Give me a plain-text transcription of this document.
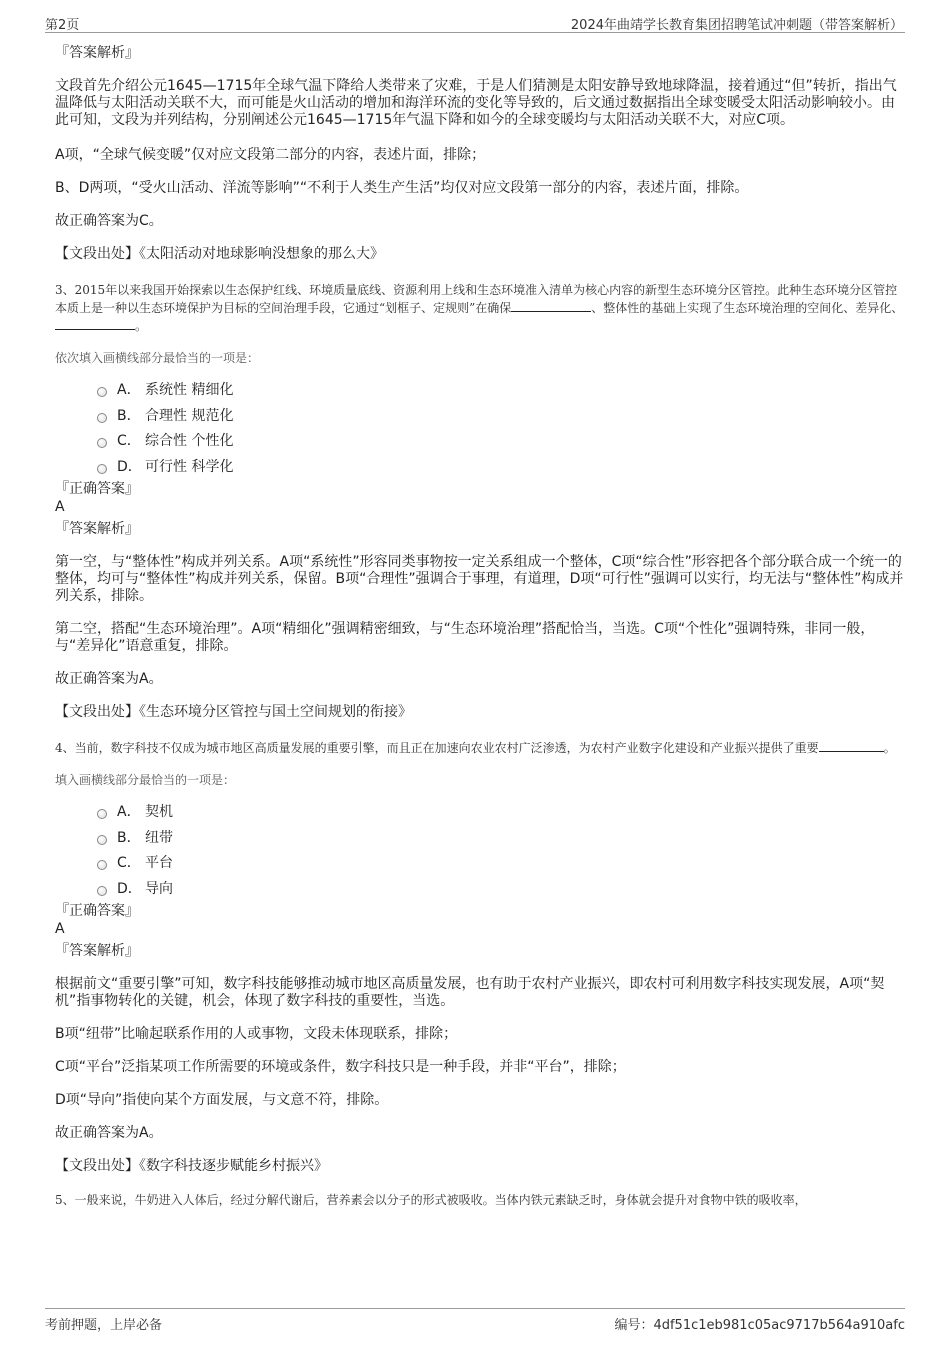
第2页	2024年曲靖学长教育集团招聘笔试冲刺题（带答案解析）
『答案解析』

文段首先介绍公元1645—1715年全球气温下降给人类带来了灾难，于是人们猜测是太阳安静导致地球降温，接着通过“但”转折，指出气温降低与太阳活动关联不大，而可能是火山活动的增加和海洋环流的变化等导致的，后文通过数据指出全球变暖受太阳活动影响较小。由此可知，文段为并列结构，分别阐述公元1645—1715年气温下降和如今的全球变暖均与太阳活动关联不大，对应C项。

A项，“全球气候变暖”仅对应文段第二部分的内容，表述片面，排除；

B、D两项，“受火山活动、洋流等影响”“不利于人类生产生活”均仅对应文段第一部分的内容，表述片面，排除。

故正确答案为C。

【文段出处】《太阳活动对地球影响没想象的那么大》

3、2015年以来我国开始探索以生态保护红线、环境质量底线、资源利用上线和生态环境准入清单为核心内容的新型生态环境分区管控。此种生态环境分区管控本质上是一种以生态环境保护为目标的空间治理手段，它通过“划框子、定规则”在确保	、整体性的基础上实现了生态环境治理的空间化、差异化、。

依次填入画横线部分最恰当的一项是：

A． 系统性 精细化
B． 合理性 规范化
C． 综合性 个性化
D． 可行性 科学化
『正确答案』
A
『答案解析』

第一空，与“整体性”构成并列关系。A项“系统性”形容同类事物按一定关系组成一个整体，C项“综合性”形容把各个部分联合成一个统一的整体，均可与“整体性”构成并列关系，保留。B项“合理性”强调合于事理，有道理，D项“可行性”强调可以实行，均无法与“整体性”构成并列关系，排除。

第二空，搭配“生态环境治理”。A项“精细化”强调精密细致，与“生态环境治理”搭配恰当，当选。C项“个性化”强调特殊，非同一般，与“差异化”语意重复，排除。

故正确答案为A。

【文段出处】《生态环境分区管控与国土空间规划的衔接》

4、当前，数字科技不仅成为城市地区高质量发展的重要引擎，而且正在加速向农业农村广泛渗透，为农村产业数字化建设和产业振兴提供了重要	。

填入画横线部分最恰当的一项是：

A． 契机
B． 纽带
C． 平台
D． 导向
『正确答案』
A
『答案解析』

根据前文“重要引擎”可知，数字科技能够推动城市地区高质量发展，也有助于农村产业振兴，即农村可利用数字科技实现发展，A项“契机”指事物转化的关键，机会，体现了数字科技的重要性，当选。

B项“纽带”比喻起联系作用的人或事物，文段未体现联系，排除；

C项“平台”泛指某项工作所需要的环境或条件，数字科技只是一种手段，并非“平台”，排除；

D项“导向”指使向某个方面发展，与文意不符，排除。

故正确答案为A。

【文段出处】《数字科技逐步赋能乡村振兴》

5、一般来说，牛奶进入人体后，经过分解代谢后，营养素会以分子的形式被吸收。当体内铁元素缺乏时，身体就会提升对食物中铁的吸收率，

考前押题，上岸必备	编号：4df51c1eb981c05ac9717b564a910afc
